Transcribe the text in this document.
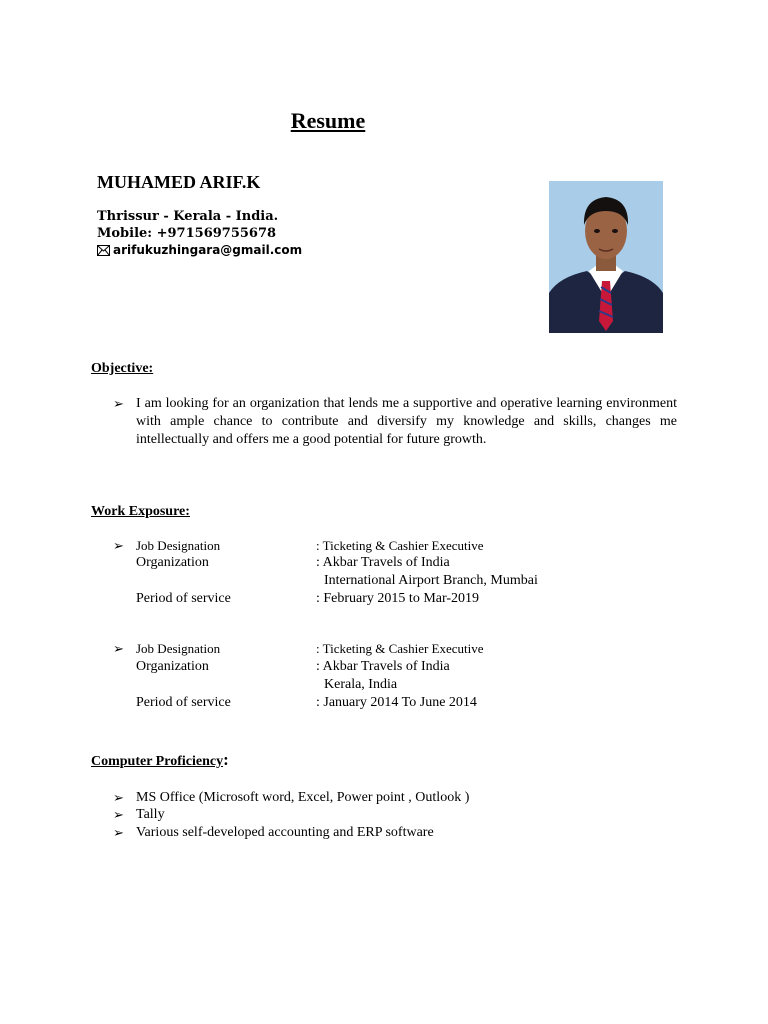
Resume
MUHAMED ARIF.K
Thrissur - Kerala - India.
Mobile: +971569755678
arifukuzhingara@gmail.com
Objective:
➢ I am looking for an organization that lends me a supportive and operative learning environment with ample chance to contribute and diversify my knowledge and skills, changes me intellectually and offers me a good potential for future growth.
Work Exposure:
➢ Job Designation	: Ticketing & Cashier Executive
Organization	: Akbar Travels of India
International Airport Branch, Mumbai
Period of service	: February 2015 to Mar-2019
➢ Job Designation	: Ticketing & Cashier Executive
Organization	: Akbar Travels of India
Kerala, India
Period of service	: January 2014 To June 2014
Computer Proficiency:
➢ MS Office (Microsoft word, Excel, Power point , Outlook )
➢ Tally
➢ Various self-developed accounting and ERP software
